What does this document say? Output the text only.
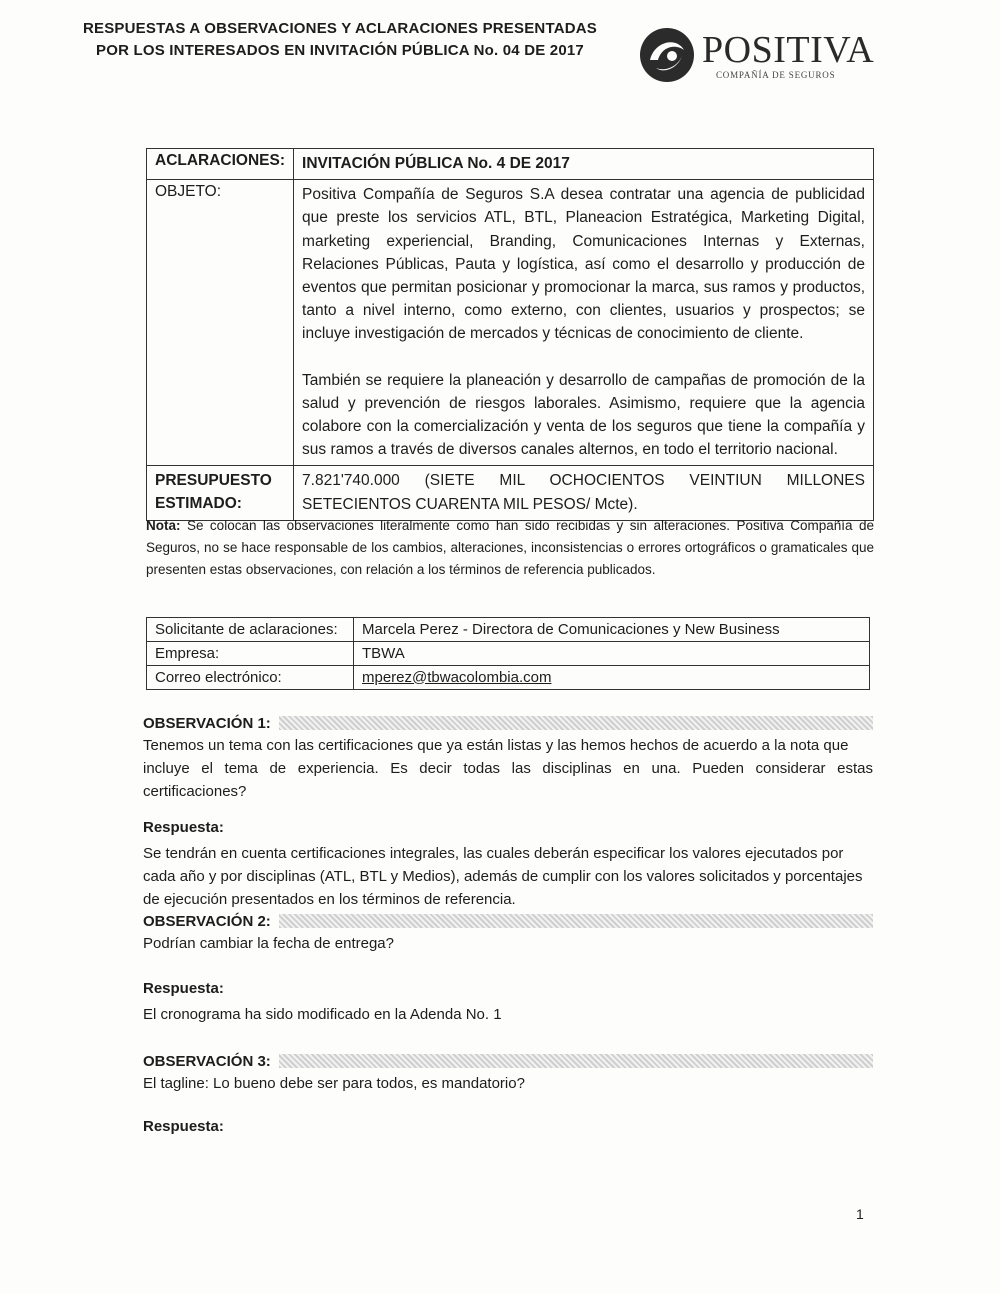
RESPUESTAS A OBSERVACIONES Y ACLARACIONES PRESENTADAS
POR LOS INTERESADOS EN INVITACIÓN PÚBLICA No. 04 DE 2017	POSITIVA
COMPAÑÍA DE SEGUROS
ACLARACIONES:	INVITACIÓN PÚBLICA No. 4 DE 2017
OBJETO:	Positiva Compañía de Seguros S.A desea contratar una agencia de publicidad que preste los servicios ATL, BTL, Planeacion Estratégica, Marketing Digital, marketing experiencial, Branding, Comunicaciones Internas y Externas, Relaciones Públicas, Pauta y logística, así como el desarrollo y producción de eventos que permitan posicionar y promocionar la marca, sus ramos y productos, tanto a nivel interno, como externo, con clientes, usuarios y prospectos; se incluye investigación de mercados y técnicas de conocimiento de cliente.

También se requiere la planeación y desarrollo de campañas de promoción de la salud y prevención de riesgos laborales. Asimismo, requiere que la agencia colabore con la comercialización y venta de los seguros que tiene la compañía y sus ramos a través de diversos canales alternos, en todo el territorio nacional.

PRESUPUESTO
ESTIMADO:	7.821'740.000 (SIETE MIL OCHOCIENTOS VEINTIUN MILLONES SETECIENTOS CUARENTA MIL PESOS/ Mcte).
Nota: Se colocan las observaciones literalmente como han sido recibidas y sin alteraciones. Positiva Compañía de Seguros, no se hace responsable de los cambios, alteraciones, inconsistencias o errores ortográficos o gramaticales que presenten estas observaciones, con relación a los términos de referencia publicados.
Solicitante de aclaraciones:	Marcela Perez - Directora de Comunicaciones y New Business
Empresa:	TBWA
Correo electrónico:	mperez@tbwacolombia.com
OBSERVACIÓN 1:
Tenemos un tema con las certificaciones que ya están listas y las hemos hechos de acuerdo a la nota que
incluye el tema de experiencia. Es decir todas las disciplinas en una. Pueden considerar estas certificaciones?
Respuesta:
Se tendrán en cuenta certificaciones integrales, las cuales deberán especificar los valores ejecutados por
cada año y por disciplinas (ATL, BTL y Medios), además de cumplir con los valores solicitados y porcentajes
de ejecución presentados en los términos de referencia.
OBSERVACIÓN 2:
Podrían cambiar la fecha de entrega?
Respuesta:
El cronograma ha sido modificado en la Adenda No. 1
OBSERVACIÓN 3:
El tagline: Lo bueno debe ser para todos, es mandatorio?
Respuesta:
1
